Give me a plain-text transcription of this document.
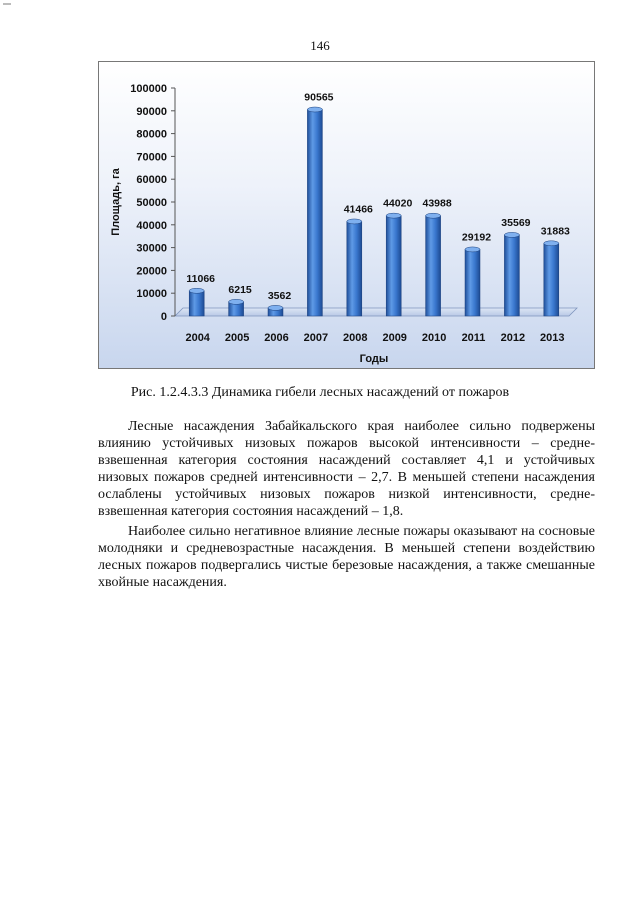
146
0
10000
20000
30000
40000
50000
60000
70000
80000
90000
100000
Площадь, га
11066
2004
6215
2005
3562
2006
90565
2007
41466
2008
44020
2009
43988
2010
29192
2011
35569
2012
31883
2013
Годы
Рис. 1.2.4.3.3 Динамика гибели лесных насаждений от пожаров

Лесные насаждения Забайкальского края наиболее сильно подвержены влиянию устойчивых низовых пожаров высокой интенсивности – средне-взвешенная категория состояния насаждений составляет 4,1 и устойчивых низовых пожаров средней интенсивности – 2,7. В меньшей степени насаждения ослаблены устойчивых низовых пожаров низкой интенсивности, средне-взвешенная категория состояния насаждений – 1,8.

Наиболее сильно негативное влияние лесные пожары оказывают на сосновые молодняки и средневозрастные насаждения. В меньшей степени воздействию лесных пожаров подвергались чистые березовые насаждения, а также смешанные хвойные насаждения.
